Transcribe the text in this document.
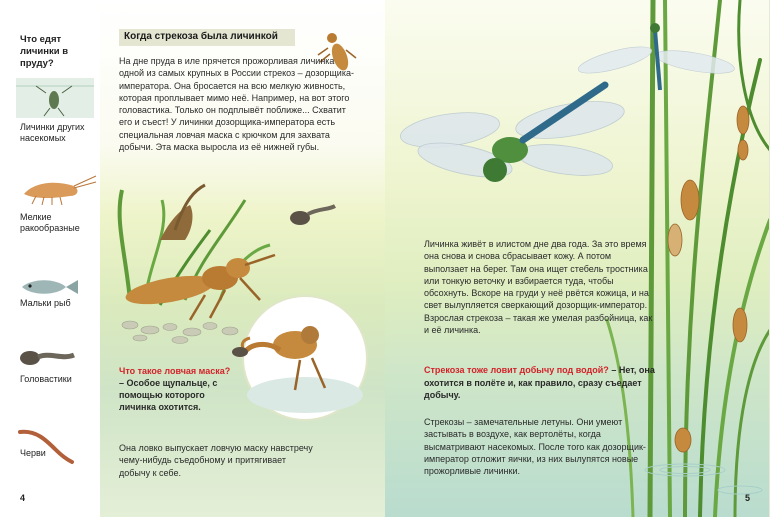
Что едят личинки в пруду?
Личинки других насекомых
Мелкие ракообразные
Мальки рыб
Головастики
Черви
Когда стрекоза была личинкой
На дне пруда в иле прячется прожорливая личинка одной из самых крупных в России стрекоз – дозорщика-императора. Она бросается на всю мелкую живность, которая проплывает мимо неё. Например, на вот этого головастика. Только он подплывёт поближе... Схватит его и съест! У личинки дозорщика-императора есть специальная ловчая маска с крючком для захвата добычи. Эта маска выросла из её нижней губы.
Что такое ловчая маска? – Особое щупальце, с помощью которого личинка охотится.
Она ловко выпускает ловчую маску навстречу чему-нибудь съедобному и притягивает добычу к себе.
4
Личинка живёт в илистом дне два года. За это время она снова и снова сбрасывает кожу. А потом выползает на берег. Там она ищет стебель тростника или тонкую веточку и взбирается туда, чтобы обсохнуть. Вскоре на груди у неё рвётся кожица, и на свет вылупляется сверкающий дозорщик-император. Взрослая стрекоза – такая же умелая разбойница, как и её личинка.
Стрекоза тоже ловит добычу под водой? – Нет, она охотится в полёте и, как правило, сразу съедает добычу.
Стрекозы – замечательные летуны. Они умеют застывать в воздухе, как вертолёты, когда высматривают насекомых. После того как дозорщик-император отложит яички, из них вылупятся новые прожорливые личинки.
5
